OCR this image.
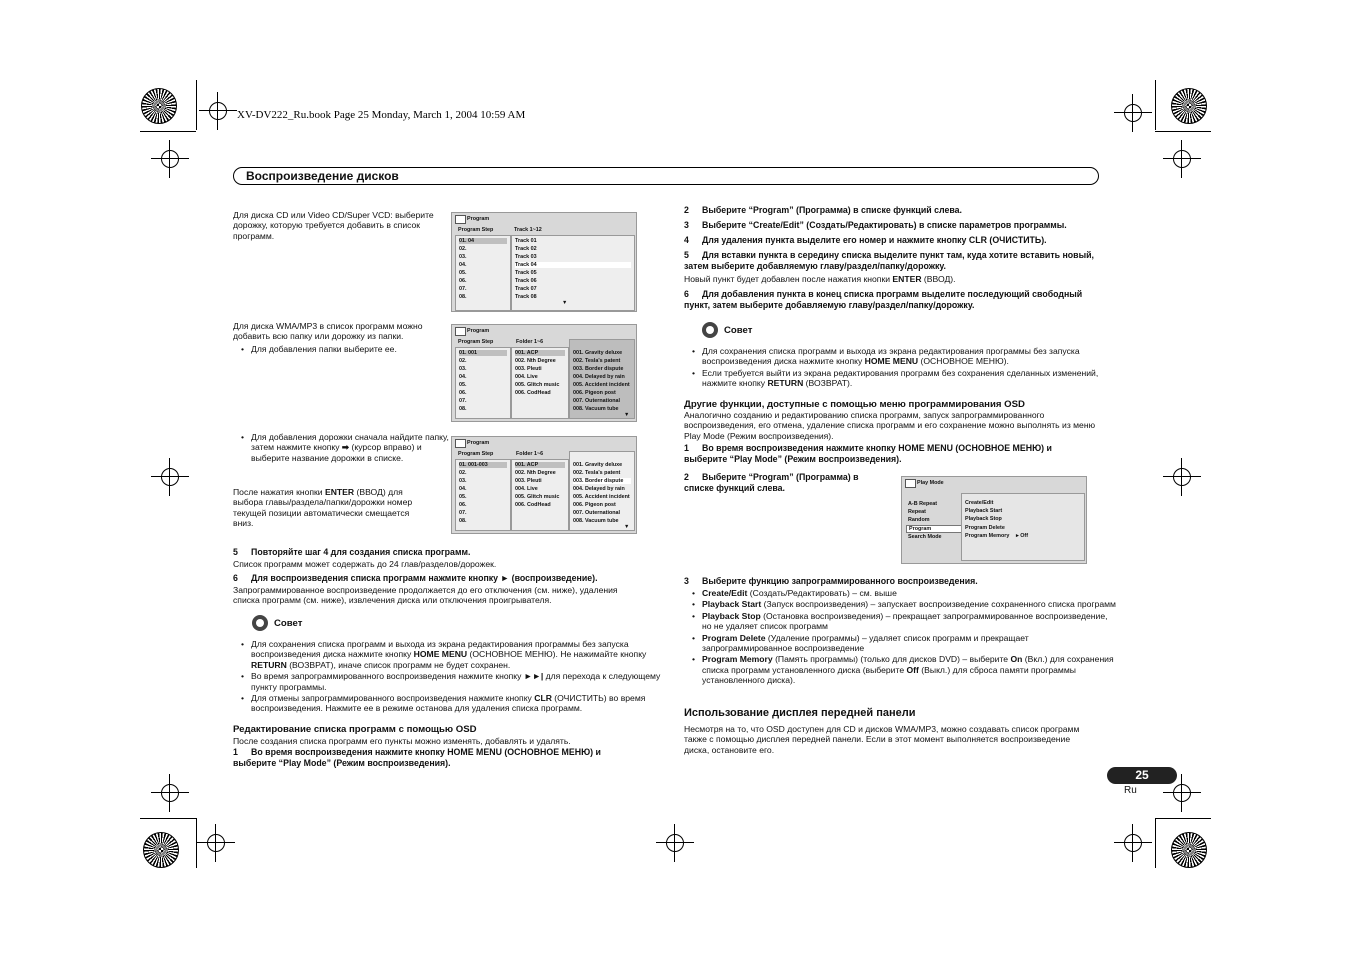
XV-DV222_Ru.book Page 25 Monday, March 1, 2004 10:59 AM
Воспроизведение дисков
Для диска CD или Video CD/Super VCD: выберите дорожку, которую требуется добавить в список программ.
Program
Program Step	Track 1~12
01. 04
02.
03.
04.
05.
06.
07.
08.
Track 01
Track 02
Track 03
Track 04
Track 05
Track 06
Track 07
Track 08
▼
Для диска WMA/MP3 в список программ можно добавить всю папку или дорожку из папки.
• Для добавления папки выберите ее.
Program
Program Step	Folder 1~6
01. 001
02.
03.
04.
05.
06.
07.
08.
001. ACP
002. Nth Degree
003. Pleuti
004. Live
005. Glitch music
006. CodHead
001. Gravity deluxe
002. Tesla's patent
003. Border dispute
004. Delayed by rain
005. Accident incident
006. Pigeon post
007. Outernational
008. Vacuum tube
▼
• Для добавления дорожки сначала найдите папку, затем нажмите кнопку ➡ (курсор вправо) и выберите название дорожки в списке.
После нажатия кнопки ENTER (ВВОД) для выбора главы/раздела/папки/дорожки номер текущей позиции автоматически смещается вниз.
Program
Program Step	Folder 1~6
01. 001-003
02.
03.
04.
05.
06.
07.
08.
001. ACP
002. Nth Degree
003. Pleuti
004. Live
005. Glitch music
006. CodHead
001. Gravity deluxe
002. Tesla's patent
003. Border dispute
004. Delayed by rain
005. Accident incident
006. Pigeon post
007. Outernational
008. Vacuum tube
▼
5 Повторяйте шаг 4 для создания списка программ.
Список программ может содержать до 24 глав/разделов/дорожек.
6 Для воспроизведения списка программ нажмите кнопку ► (воспроизведение).
Запрограммированное воспроизведение продолжается до его отключения (см. ниже), удаления списка программ (см. ниже), извлечения диска или отключения проигрывателя.
Совет
• Для сохранения списка программ и выхода из экрана редактирования программы без запуска воспроизведения диска нажмите кнопку HOME MENU (ОСНОВНОЕ МЕНЮ). Не нажимайте кнопку RETURN (ВОЗВРАТ), иначе список программ не будет сохранен.
• Во время запрограммированного воспроизведения нажмите кнопку ►►| для перехода к следующему пункту программы.
• Для отмены запрограммированного воспроизведения нажмите кнопку CLR (ОЧИСТИТЬ) во время воспроизведения. Нажмите ее в режиме останова для удаления списка программ.
Редактирование списка программ с помощью OSD
После создания списка программ его пункты можно изменять, добавлять и удалять.
1 Во время воспроизведения нажмите кнопку HOME MENU (ОСНОВНОЕ МЕНЮ) и выберите “Play Mode” (Режим воспроизведения).
2 Выберите “Program” (Программа) в списке функций слева.
3 Выберите “Create/Edit” (Создать/Редактировать) в списке параметров программы.
4 Для удаления пункта выделите его номер и нажмите кнопку CLR (ОЧИСТИТЬ).
5 Для вставки пункта в середину списка выделите пункт там, куда хотите вставить новый, затем выберите добавляемую главу/раздел/папку/дорожку.
Новый пункт будет добавлен после нажатия кнопки ENTER (ВВОД).
6 Для добавления пункта в конец списка программ выделите последующий свободный пункт, затем выберите добавляемую главу/раздел/папку/дорожку.
Совет
• Для сохранения списка программ и выхода из экрана редактирования программы без запуска воспроизведения диска нажмите кнопку HOME MENU (ОСНОВНОЕ МЕНЮ).
• Если требуется выйти из экрана редактирования программ без сохранения сделанных изменений, нажмите кнопку RETURN (ВОЗВРАТ).
Другие функции, доступные с помощью меню программирования OSD
Аналогично созданию и редактированию списка программ, запуск запрограммированного воспроизведения, его отмена, удаление списка программ и его сохранение можно выполнять из меню Play Mode (Режим воспроизведения).
1 Во время воспроизведения нажмите кнопку HOME MENU (ОСНОВНОЕ МЕНЮ) и выберите “Play Mode” (Режим воспроизведения).
2 Выберите “Program” (Программа) в списке функций слева.	Play Mode
A-B Repeat
Repeat
Random
Program
Search Mode
Create/Edit
Playback Start
Playback Stop
Program Delete
Program Memory ▸ Off
3 Выберите функцию запрограммированного воспроизведения.
• Create/Edit (Создать/Редактировать) – см. выше
• Playback Start (Запуск воспроизведения) – запускает воспроизведение сохраненного списка программ
• Playback Stop (Остановка воспроизведения) – прекращает запрограммированное воспроизведение, но не удаляет список программ
• Program Delete (Удаление программы) – удаляет список программ и прекращает запрограммированное воспроизведение
• Program Memory (Память программы) (только для дисков DVD) – выберите On (Вкл.) для сохранения списка программ установленного диска (выберите Off (Выкл.) для сброса памяти программы установленного диска).
Использование дисплея передней панели
Несмотря на то, что OSD доступен для CD и дисков WMA/MP3, можно создавать список программ также с помощью дисплея передней панели. Если в этот момент выполняется воспроизведение диска, остановите его.
25
Ru
